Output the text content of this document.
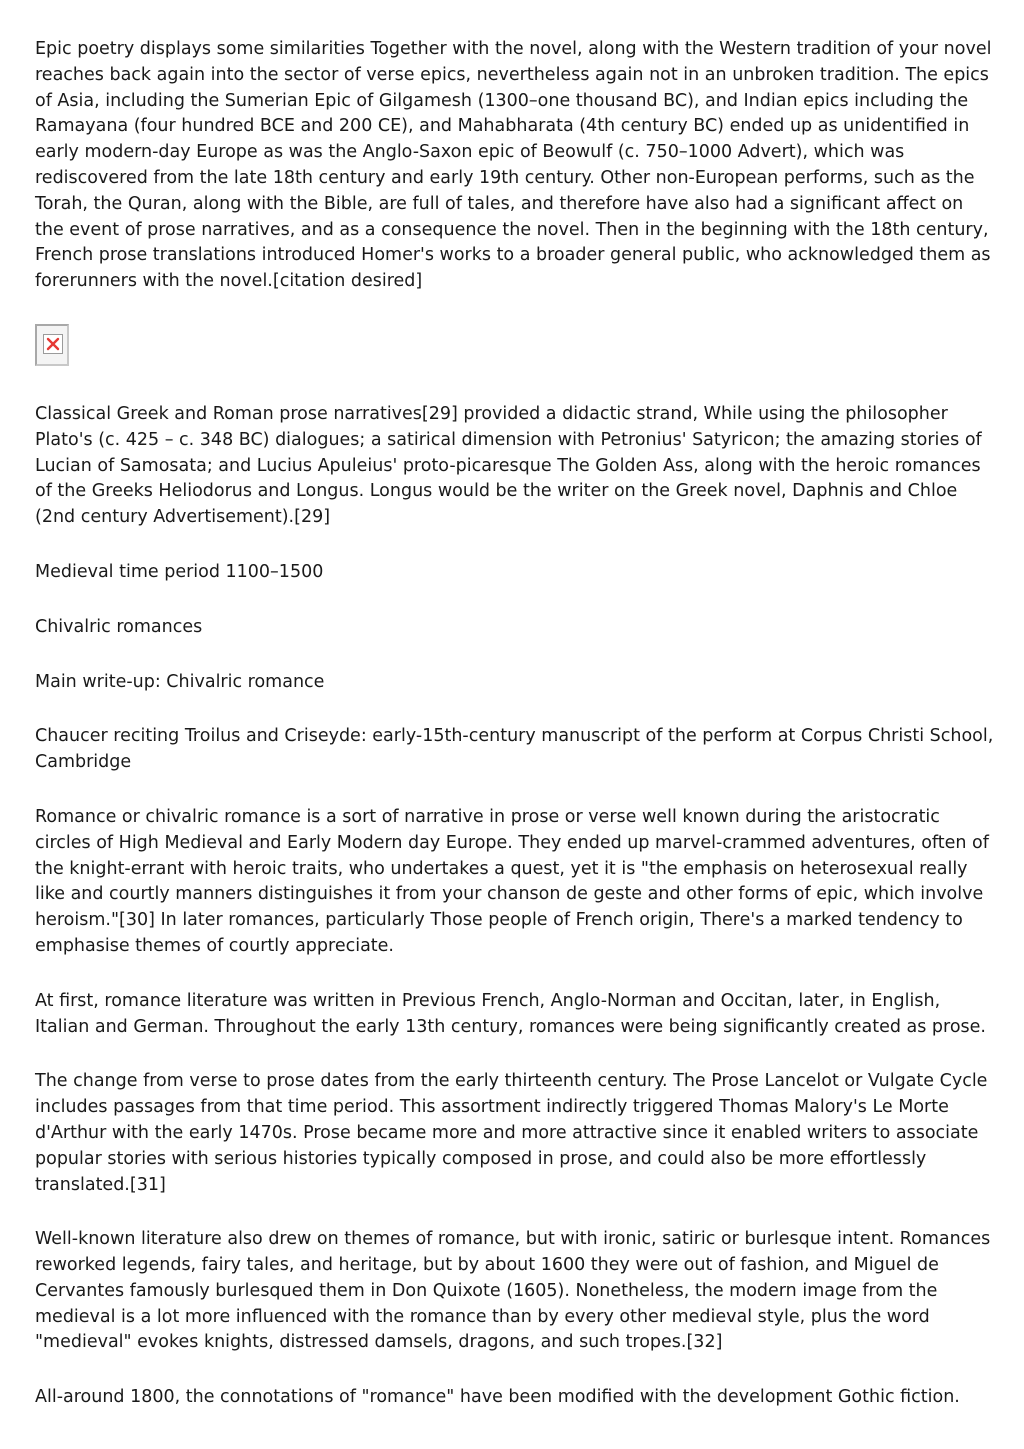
Epic poetry displays some similarities Together with the novel, along with the Western tradition of your novel reaches back again into the sector of verse epics, nevertheless again not in an unbroken tradition. The epics of Asia, including the Sumerian Epic of Gilgamesh (1300–one thousand BC), and Indian epics including the Ramayana (four hundred BCE and 200 CE), and Mahabharata (4th century BC) ended up as unidentified in early modern-day Europe as was the Anglo-Saxon epic of Beowulf (c. 750–1000 Advert), which was rediscovered from the late 18th century and early 19th century. Other non-European performs, such as the Torah, the Quran, along with the Bible, are full of tales, and therefore have also had a significant affect on the event of prose narratives, and as a consequence the novel. Then in the beginning with the 18th century, French prose translations introduced Homer's works to a broader general public, who acknowledged them as forerunners with the novel.[citation desired]

Classical Greek and Roman prose narratives[29] provided a didactic strand, While using the philosopher Plato's (c. 425 – c. 348 BC) dialogues; a satirical dimension with Petronius' Satyricon; the amazing stories of Lucian of Samosata; and Lucius Apuleius' proto-picaresque The Golden Ass, along with the heroic romances of the Greeks Heliodorus and Longus. Longus would be the writer on the Greek novel, Daphnis and Chloe (2nd century Advertisement).[29]

Medieval time period 1100–1500

Chivalric romances

Main write-up: Chivalric romance

Chaucer reciting Troilus and Criseyde: early-15th-century manuscript of the perform at Corpus Christi School, Cambridge

Romance or chivalric romance is a sort of narrative in prose or verse well known during the aristocratic circles of High Medieval and Early Modern day Europe. They ended up marvel-crammed adventures, often of the knight-errant with heroic traits, who undertakes a quest, yet it is "the emphasis on heterosexual really like and courtly manners distinguishes it from your chanson de geste and other forms of epic, which involve heroism."[30] In later romances, particularly Those people of French origin, There's a marked tendency to emphasise themes of courtly appreciate.

At first, romance literature was written in Previous French, Anglo-Norman and Occitan, later, in English, Italian and German. Throughout the early 13th century, romances were being significantly created as prose.

The change from verse to prose dates from the early thirteenth century. The Prose Lancelot or Vulgate Cycle includes passages from that time period. This assortment indirectly triggered Thomas Malory's Le Morte d'Arthur with the early 1470s. Prose became more and more attractive since it enabled writers to associate popular stories with serious histories typically composed in prose, and could also be more effortlessly translated.[31]

Well-known literature also drew on themes of romance, but with ironic, satiric or burlesque intent. Romances reworked legends, fairy tales, and heritage, but by about 1600 they were out of fashion, and Miguel de Cervantes famously burlesqued them in Don Quixote (1605). Nonetheless, the modern image from the medieval is a lot more influenced with the romance than by every other medieval style, plus the word "medieval" evokes knights, distressed damsels, dragons, and such tropes.[32]

All-around 1800, the connotations of "romance" have been modified with the development Gothic fiction.
